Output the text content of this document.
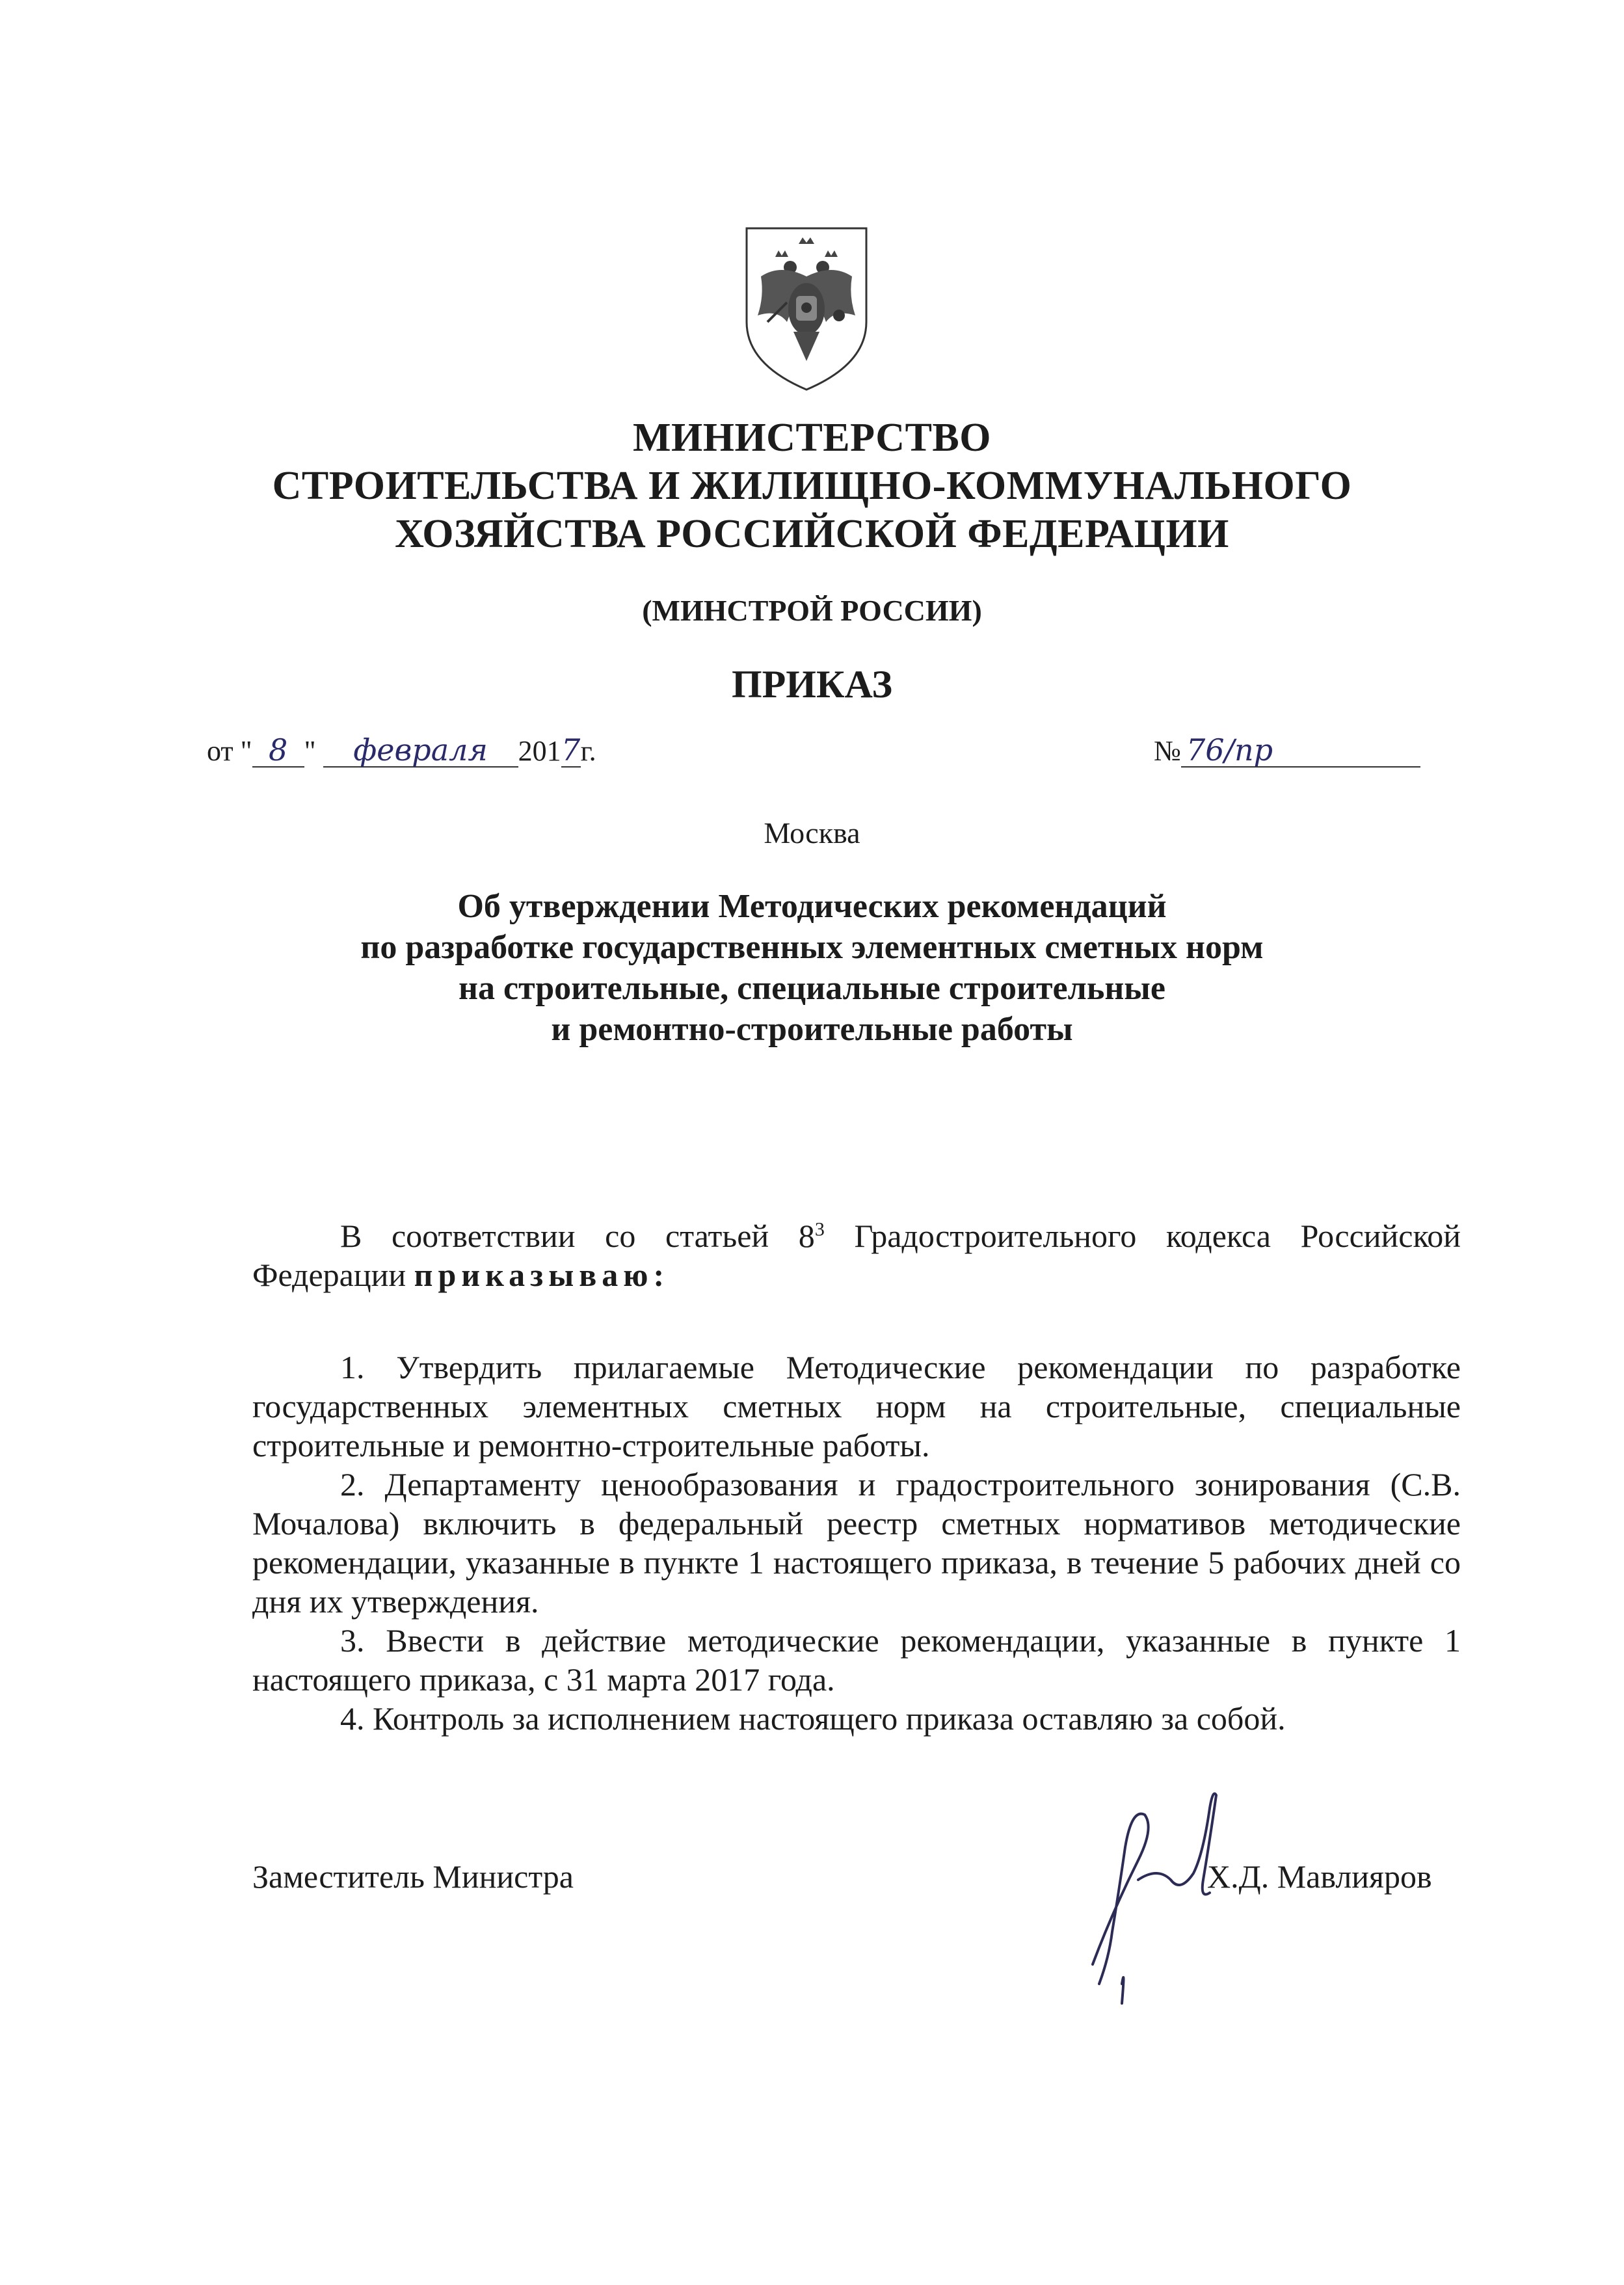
МИНИСТЕРСТВО
СТРОИТЕЛЬСТВА И ЖИЛИЩНО-КОММУНАЛЬНОГО
ХОЗЯЙСТВА РОССИЙСКОЙ ФЕДЕРАЦИИ
(МИНСТРОЙ РОССИИ)
ПРИКАЗ
от " 8 " февраля 2017г.	№ 76/пр
Москва
Об утверждении Методических рекомендаций
по разработке государственных элементных сметных норм
на строительные, специальные строительные
и ремонтно-строительные работы

В соответствии со статьей $8^3$ Градостроительного кодекса Российской Федерации приказываю:

1. Утвердить прилагаемые Методические рекомендации по разработке государственных элементных сметных норм на строительные, специальные строительные и ремонтно-строительные работы.

2. Департаменту ценообразования и градостроительного зонирования (С.В. Мочалова) включить в федеральный реестр сметных нормативов методические рекомендации, указанные в пункте 1 настоящего приказа, в течение 5 рабочих дней со дня их утверждения.

3. Ввести в действие методические рекомендации, указанные в пункте 1 настоящего приказа, с 31 марта 2017 года.

4. Контроль за исполнением настоящего приказа оставляю за собой.

Заместитель Министра	Х.Д. Мавлияров
